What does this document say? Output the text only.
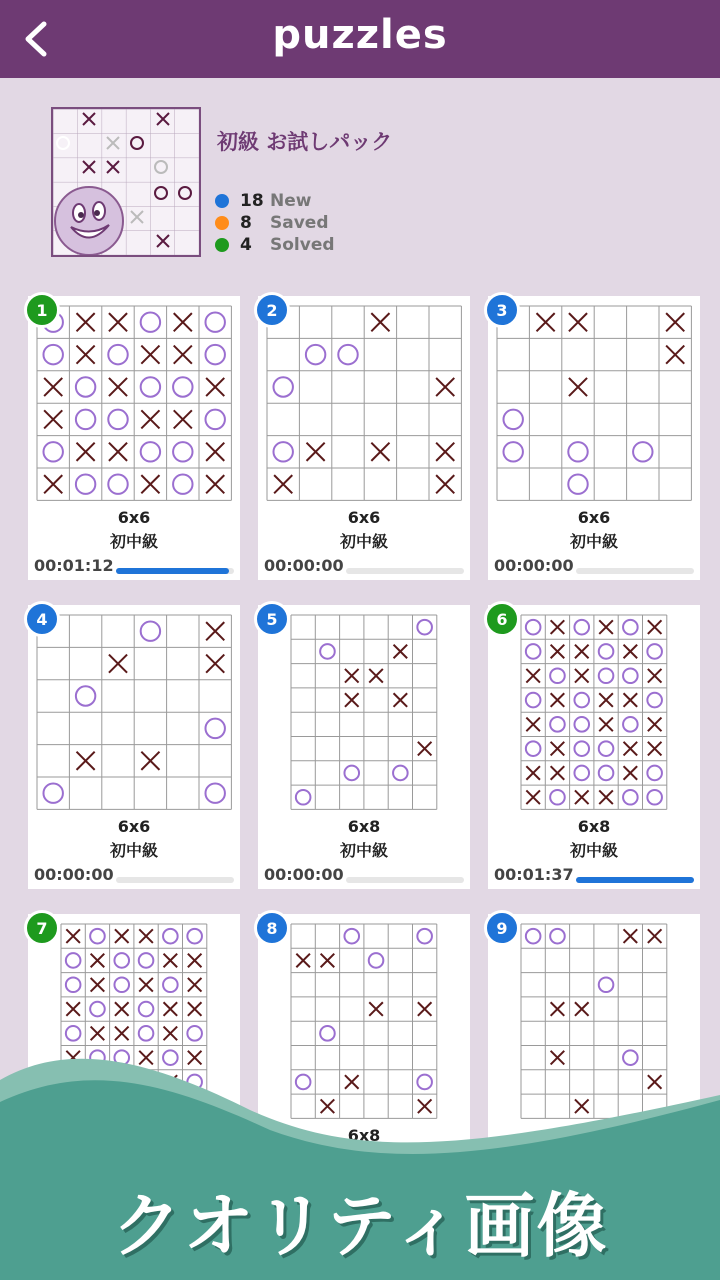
puzzles
初級 お試しパック
18 New
8	Saved
4	Solved
6x6
初中級
00:01:12
1
6x6
初中級
00:00:00
2
6x6
初中級
00:00:00
3
6x6
初中級
00:00:00
4
6x8
初中級
00:00:00
5
6x8
初中級
00:01:37
6
7
6x8
8	9
クオリティ画像
